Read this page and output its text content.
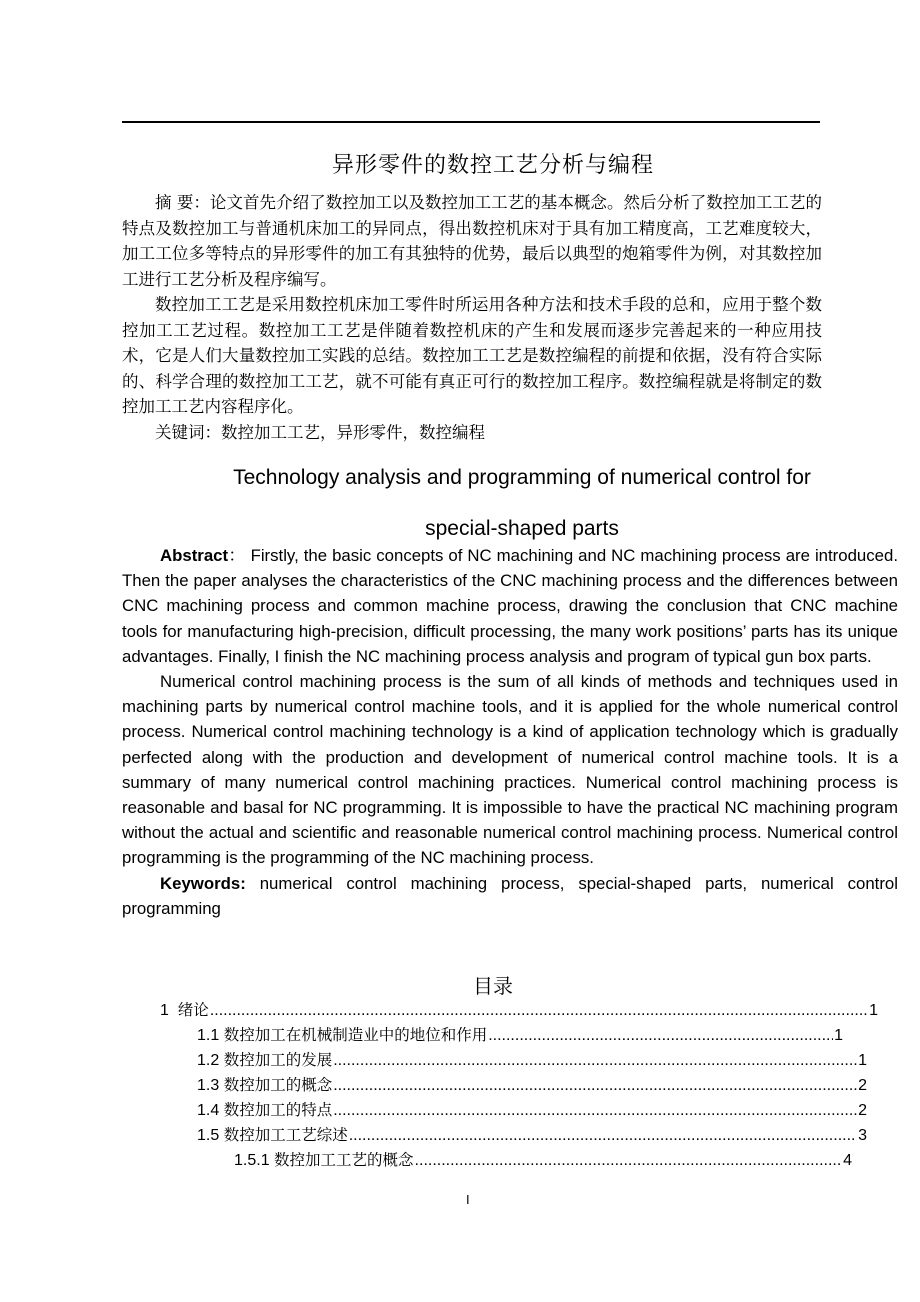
异形零件的数控工艺分析与编程

摘 要：论文首先介绍了数控加工以及数控加工工艺的基本概念。然后分析了数控加工工艺的特点及数控加工与普通机床加工的异同点，得出数控机床对于具有加工精度高，工艺难度较大，加工工位多等特点的异形零件的加工有其独特的优势，最后以典型的炮箱零件为例，对其数控加工进行工艺分析及程序编写。

数控加工工艺是采用数控机床加工零件时所运用各种方法和技术手段的总和，应用于整个数控加工工艺过程。数控加工工艺是伴随着数控机床的产生和发展而逐步完善起来的一种应用技术，它是人们大量数控加工实践的总结。数控加工工艺是数控编程的前提和依据，没有符合实际的、科学合理的数控加工工艺，就不可能有真正可行的数控加工程序。数控编程就是将制定的数控加工工艺内容程序化。

关键词：数控加工工艺，异形零件，数控编程

Technology analysis and programming of numerical control for
special-shaped parts

Abstract： Firstly, the basic concepts of NC machining and NC machining process are introduced. Then the paper analyses the characteristics of the CNC machining process and the differences between CNC machining process and common machine process, drawing the conclusion that CNC machine tools for manufacturing high-precision, difficult processing, the many work positions’ parts has its unique advantages. Finally, I finish the NC machining process analysis and program of typical gun box parts.

Numerical control machining process is the sum of all kinds of methods and techniques used in machining parts by numerical control machine tools, and it is applied for the whole numerical control process. Numerical control machining technology is a kind of application technology which is gradually perfected along with the production and development of numerical control machine tools. It is a summary of many numerical control machining practices. Numerical control machining process is reasonable and basal for NC programming. It is impossible to have the practical NC machining program without the actual and scientific and reasonable numerical control machining process. Numerical control programming is the programming of the NC machining process.

Keywords: numerical control machining process, special-shaped parts, numerical control programming

目录
1 绪论 .....	1
1.1 数控加工在机械制造业中的地位和作用 .....	1
1.2 数控加工的发展 .....	1
1.3 数控加工的概念 .....	2
1.4 数控加工的特点 .....	2
1.5 数控加工工艺综述 .....	3
1.5.1 数控加工工艺的概念 .....	4
I
